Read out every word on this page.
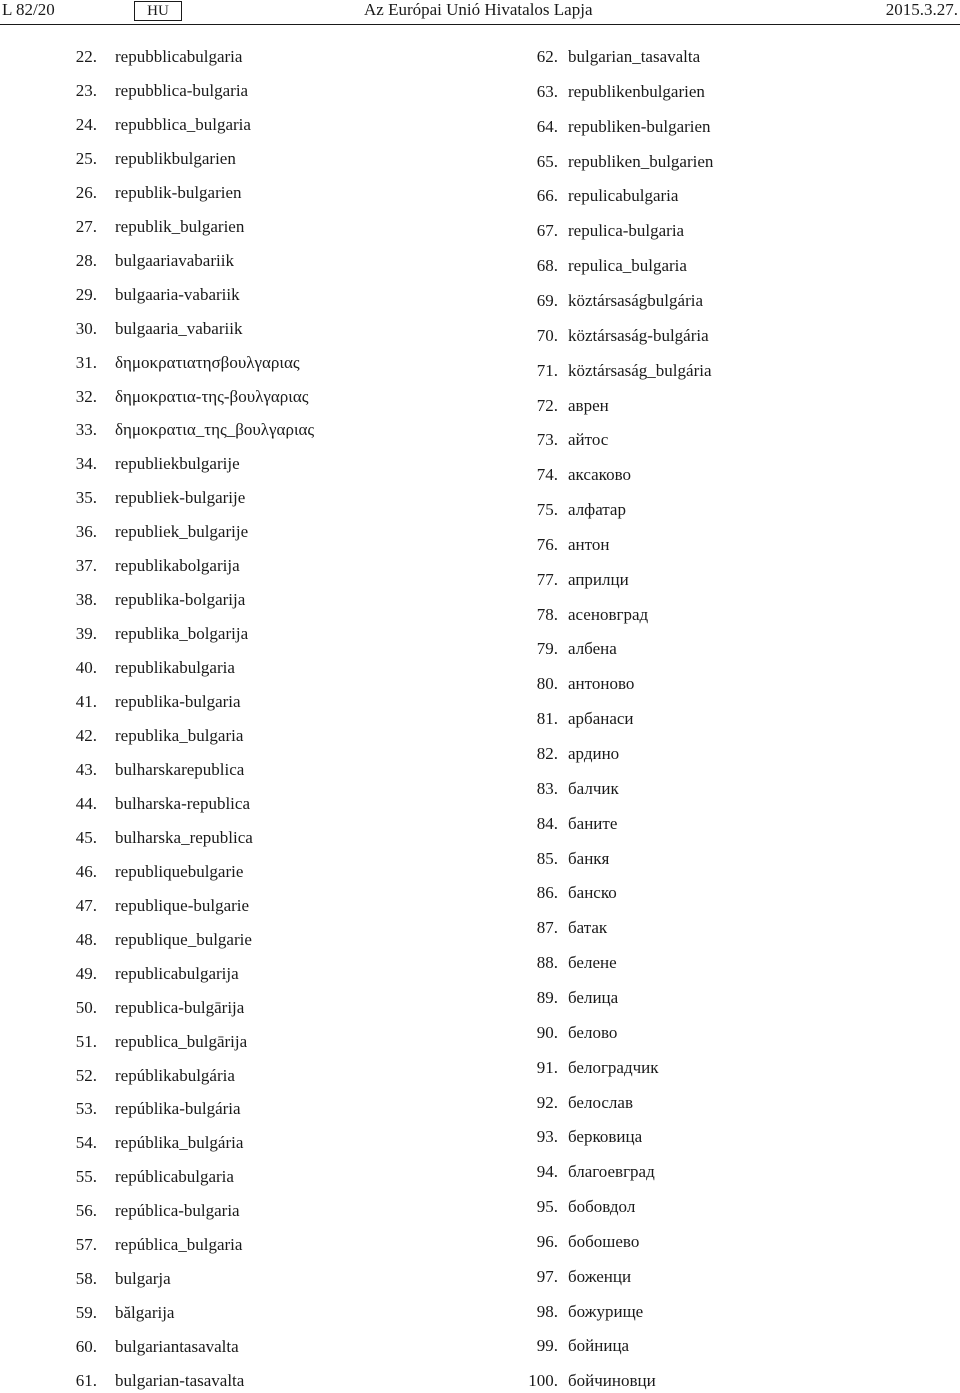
L 82/20	HU	Az Európai Unió Hivatalos Lapja	2015.3.27.
22. repubblicabulgaria
23. repubblica-bulgaria
24. repubblica_bulgaria
25. republikbulgarien
26. republik-bulgarien
27. republik_bulgarien
28. bulgaariavabariik
29. bulgaaria-vabariik
30. bulgaaria_vabariik
31. δημοκρατιατησβουλγαριας
32. δημοκρατια-της-βουλγαριας
33. δημοκρατια_της_βουλγαριας
34. republiekbulgarije
35. republiek-bulgarije
36. republiek_bulgarije
37. republikabolgarija
38. republika-bolgarija
39. republika_bolgarija
40. republikabulgaria
41. republika-bulgaria
42. republika_bulgaria
43. bulharskarepublica
44. bulharska-republica
45. bulharska_republica
46. republiquebulgarie
47. republique-bulgarie
48. republique_bulgarie
49. republicabulgarija
50. republica-bulgārija
51. republica_bulgārija
52. repúblikabulgária
53. repúblika-bulgária
54. repúblika_bulgária
55. repúblicabulgaria
56. república-bulgaria
57. república_bulgaria
58. bulgarja
59. bălgarija
60. bulgariantasavalta
61. bulgarian-tasavalta
62. bulgarian_tasavalta
63. republikenbulgarien
64. republiken-bulgarien
65. republiken_bulgarien
66. repulicabulgaria
67. repulica-bulgaria
68. repulica_bulgaria
69. köztársaságbulgária
70. köztársaság-bulgária
71. köztársaság_bulgária
72. аврен
73. айтос
74. аксаково
75. алфатар
76. антон
77. априлци
78. асеновград
79. албена
80. антоново
81. арбанаси
82. ардино
83. балчик
84. баните
85. банкя
86. банско
87. батак
88. белене
89. белица
90. белово
91. белоградчик
92. белослав
93. берковица
94. благоевград
95. бобовдол
96. бобошево
97. боженци
98. божурище
99. бойница
100. бойчиновци
